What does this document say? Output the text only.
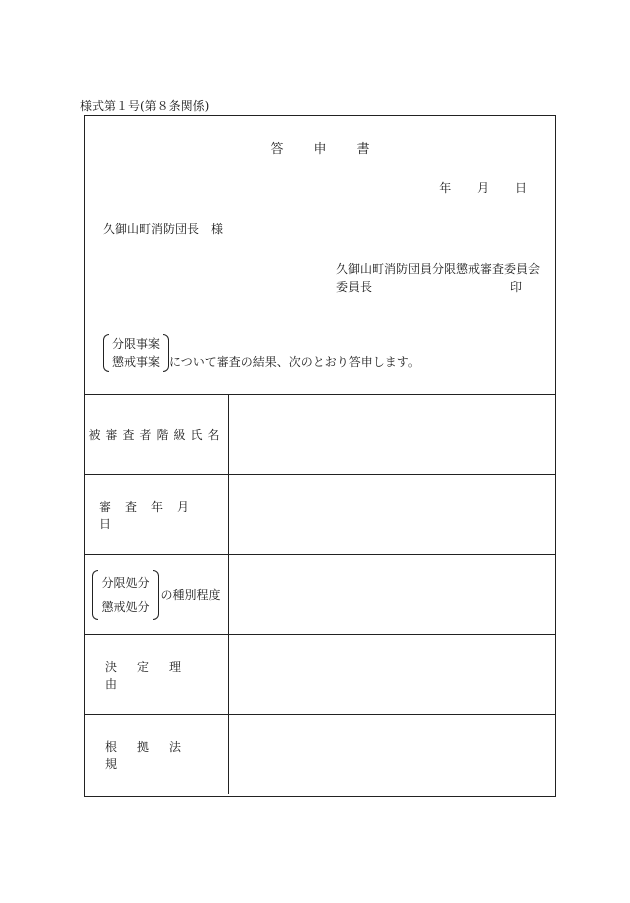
様式第１号(第８条関係)
答申書
年 月 日
久御山町消防団長　様
久御山町消防団員分限懲戒審査委員会
委員長	印
分限事案
懲戒事案 について審査の結果、次のとおり答申します。
被審査者階級氏名
審査年月日
分限処分
懲戒処分
の種別程度
決定理由
根拠法規
